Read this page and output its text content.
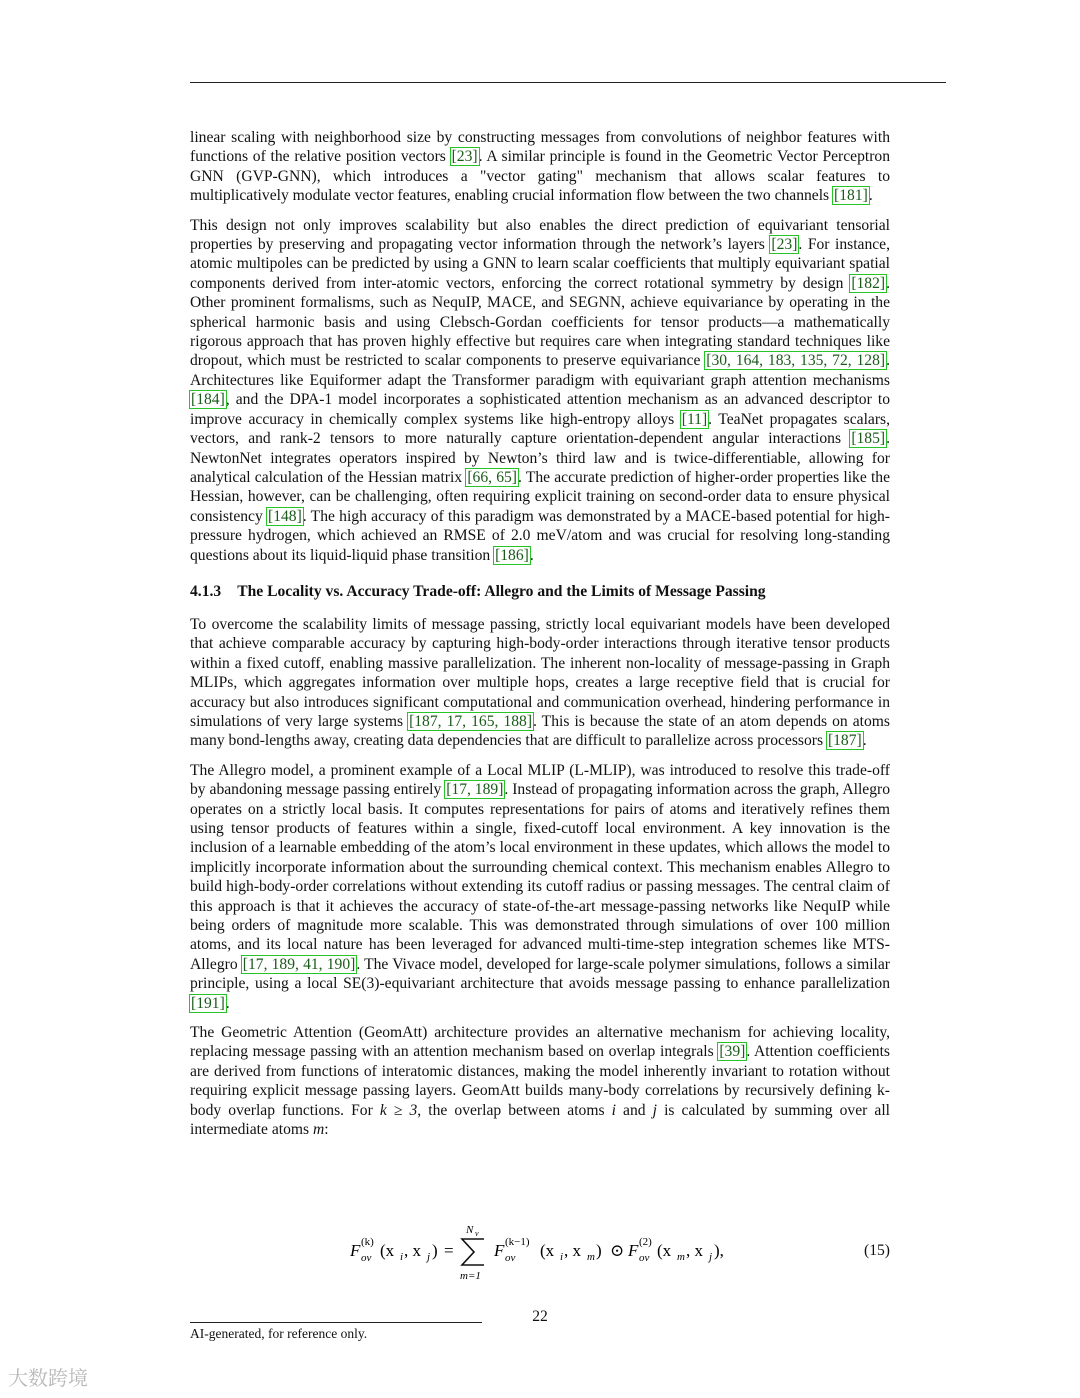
linear scaling with neighborhood size by constructing messages from convolutions of neighbor features with functions of the relative position vectors [23]. A similar principle is found in the Geometric Vector Perceptron GNN (GVP-GNN), which introduces a "vector gating" mechanism that allows scalar features to multiplicatively modulate vector features, enabling crucial information flow between the two channels [181].

This design not only improves scalability but also enables the direct prediction of equivariant tensorial properties by preserving and propagating vector information through the network’s layers [23]. For instance, atomic multipoles can be predicted by using a GNN to learn scalar coefficients that multiply equivariant spatial components derived from inter-atomic vectors, enforcing the correct rotational symmetry by design [182]. Other prominent formalisms, such as NequIP, MACE, and SEGNN, achieve equivariance by operating in the spherical harmonic basis and using Clebsch-Gordan coefficients for tensor products—a mathematically rigorous approach that has proven highly effective but requires care when integrating standard techniques like dropout, which must be restricted to scalar components to preserve equivariance [30, 164, 183, 135, 72, 128]. Architectures like Equiformer adapt the Transformer paradigm with equivariant graph attention mechanisms [184], and the DPA-1 model incorporates a sophisticated attention mechanism as an advanced descriptor to improve accuracy in chemically complex systems like high-entropy alloys [11]. TeaNet propagates scalars, vectors, and rank-2 tensors to more naturally capture orientation-dependent angular interactions [185]. NewtonNet integrates operators inspired by Newton’s third law and is twice-differentiable, allowing for analytical calculation of the Hessian matrix [66, 65]. The accurate prediction of higher-order properties like the Hessian, however, can be challenging, often requiring explicit training on second-order data to ensure physical consistency [148]. The high accuracy of this paradigm was demonstrated by a MACE-based potential for high-pressure hydrogen, which achieved an RMSE of 2.0 meV/atom and was crucial for resolving long-standing questions about its liquid-liquid phase transition [186].

4.1.3 The Locality vs. Accuracy Trade-off: Allegro and the Limits of Message Passing

To overcome the scalability limits of message passing, strictly local equivariant models have been developed that achieve comparable accuracy by capturing high-body-order interactions through iterative tensor products within a fixed cutoff, enabling massive parallelization. The inherent non-locality of message-passing in Graph MLIPs, which aggregates information over multiple hops, creates a large receptive field that is crucial for accuracy but also introduces significant computational and communication overhead, hindering performance in simulations of very large systems [187, 17, 165, 188]. This is because the state of an atom depends on atoms many bond-lengths away, creating data dependencies that are difficult to parallelize across processors [187].

The Allegro model, a prominent example of a Local MLIP (L-MLIP), was introduced to resolve this trade-off by abandoning message passing entirely [17, 189]. Instead of propagating information across the graph, Allegro operates on a strictly local basis. It computes representations for pairs of atoms and iteratively refines them using tensor products of features within a single, fixed-cutoff local environment. A key innovation is the inclusion of a learnable embedding of the atom’s local environment in these updates, which allows the model to implicitly incorporate information about the surrounding chemical context. This mechanism enables Allegro to build high-body-order correlations without extending its cutoff radius or passing messages. The central claim of this approach is that it achieves the accuracy of state-of-the-art message-passing networks like NequIP while being orders of magnitude more scalable. This was demonstrated through simulations of over 100 million atoms, and its local nature has been leveraged for advanced multi-time-step integration schemes like MTS-Allegro [17, 189, 41, 190]. The Vivace model, developed for large-scale polymer simulations, follows a similar principle, using a local SE(3)-equivariant architecture that avoids message passing to enhance parallelization [191].

The Geometric Attention (GeomAtt) architecture provides an alternative mechanism for achieving locality, replacing message passing with an attention mechanism based on overlap integrals [39]. Attention coefficients are derived from functions of interatomic distances, making the model inherently invariant to rotation without requiring explicit message passing layers. GeomAtt builds many-body correlations by recursively defining k-body overlap functions. For k ≥ 3, the overlap between atoms i and j is calculated by summing over all intermediate atoms m:

F (k)
ov (x i , x j ) =
N v
m=1
F (k−1)
ov (x i , x m ) ⊙ F (2)
ov (x m , x j ),	(15)
22
AI-generated, for reference only.
大数跨境
